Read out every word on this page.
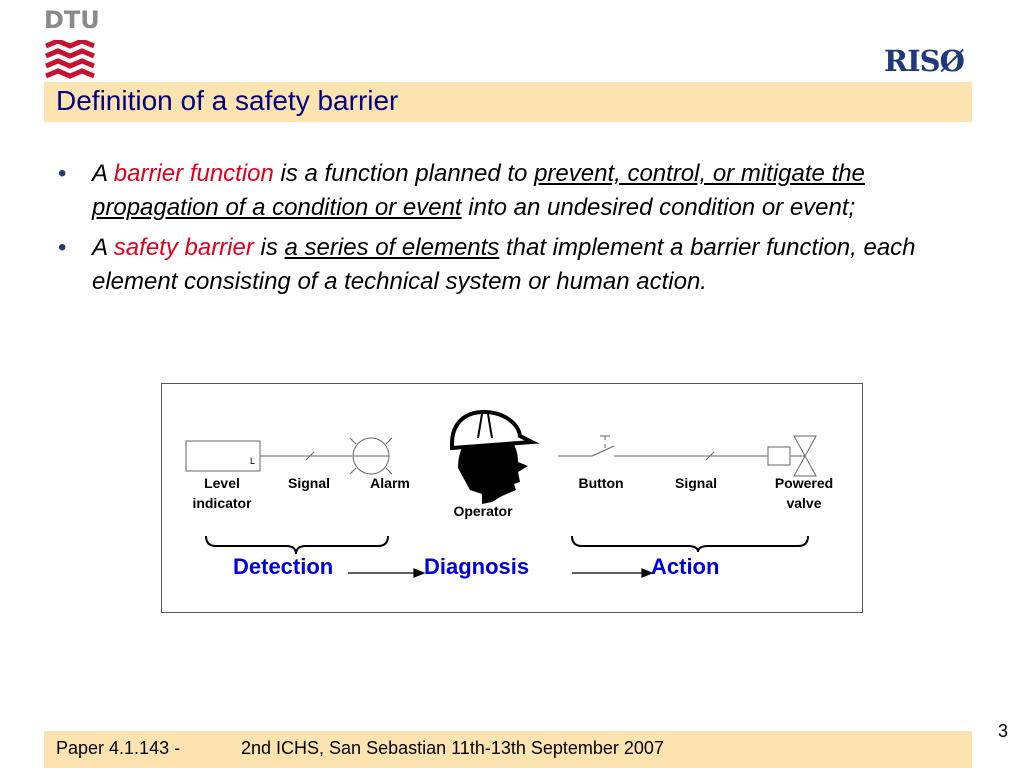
DTU
RISØ
Definition of a safety barrier
• A barrier function is a function planned to prevent, control, or mitigate the propagation of a condition or event into an undesired condition or event;
• A safety barrier is a series of elements that implement a barrier function, each element consisting of a technical system or human action.
L
Level indicator
Signal	Alarm
Operator
Button	Signal	Powered valve
Detection	Diagnosis	Action
3
Paper 4.1.143 -	2nd ICHS, San Sebastian 11th-13th September 2007
